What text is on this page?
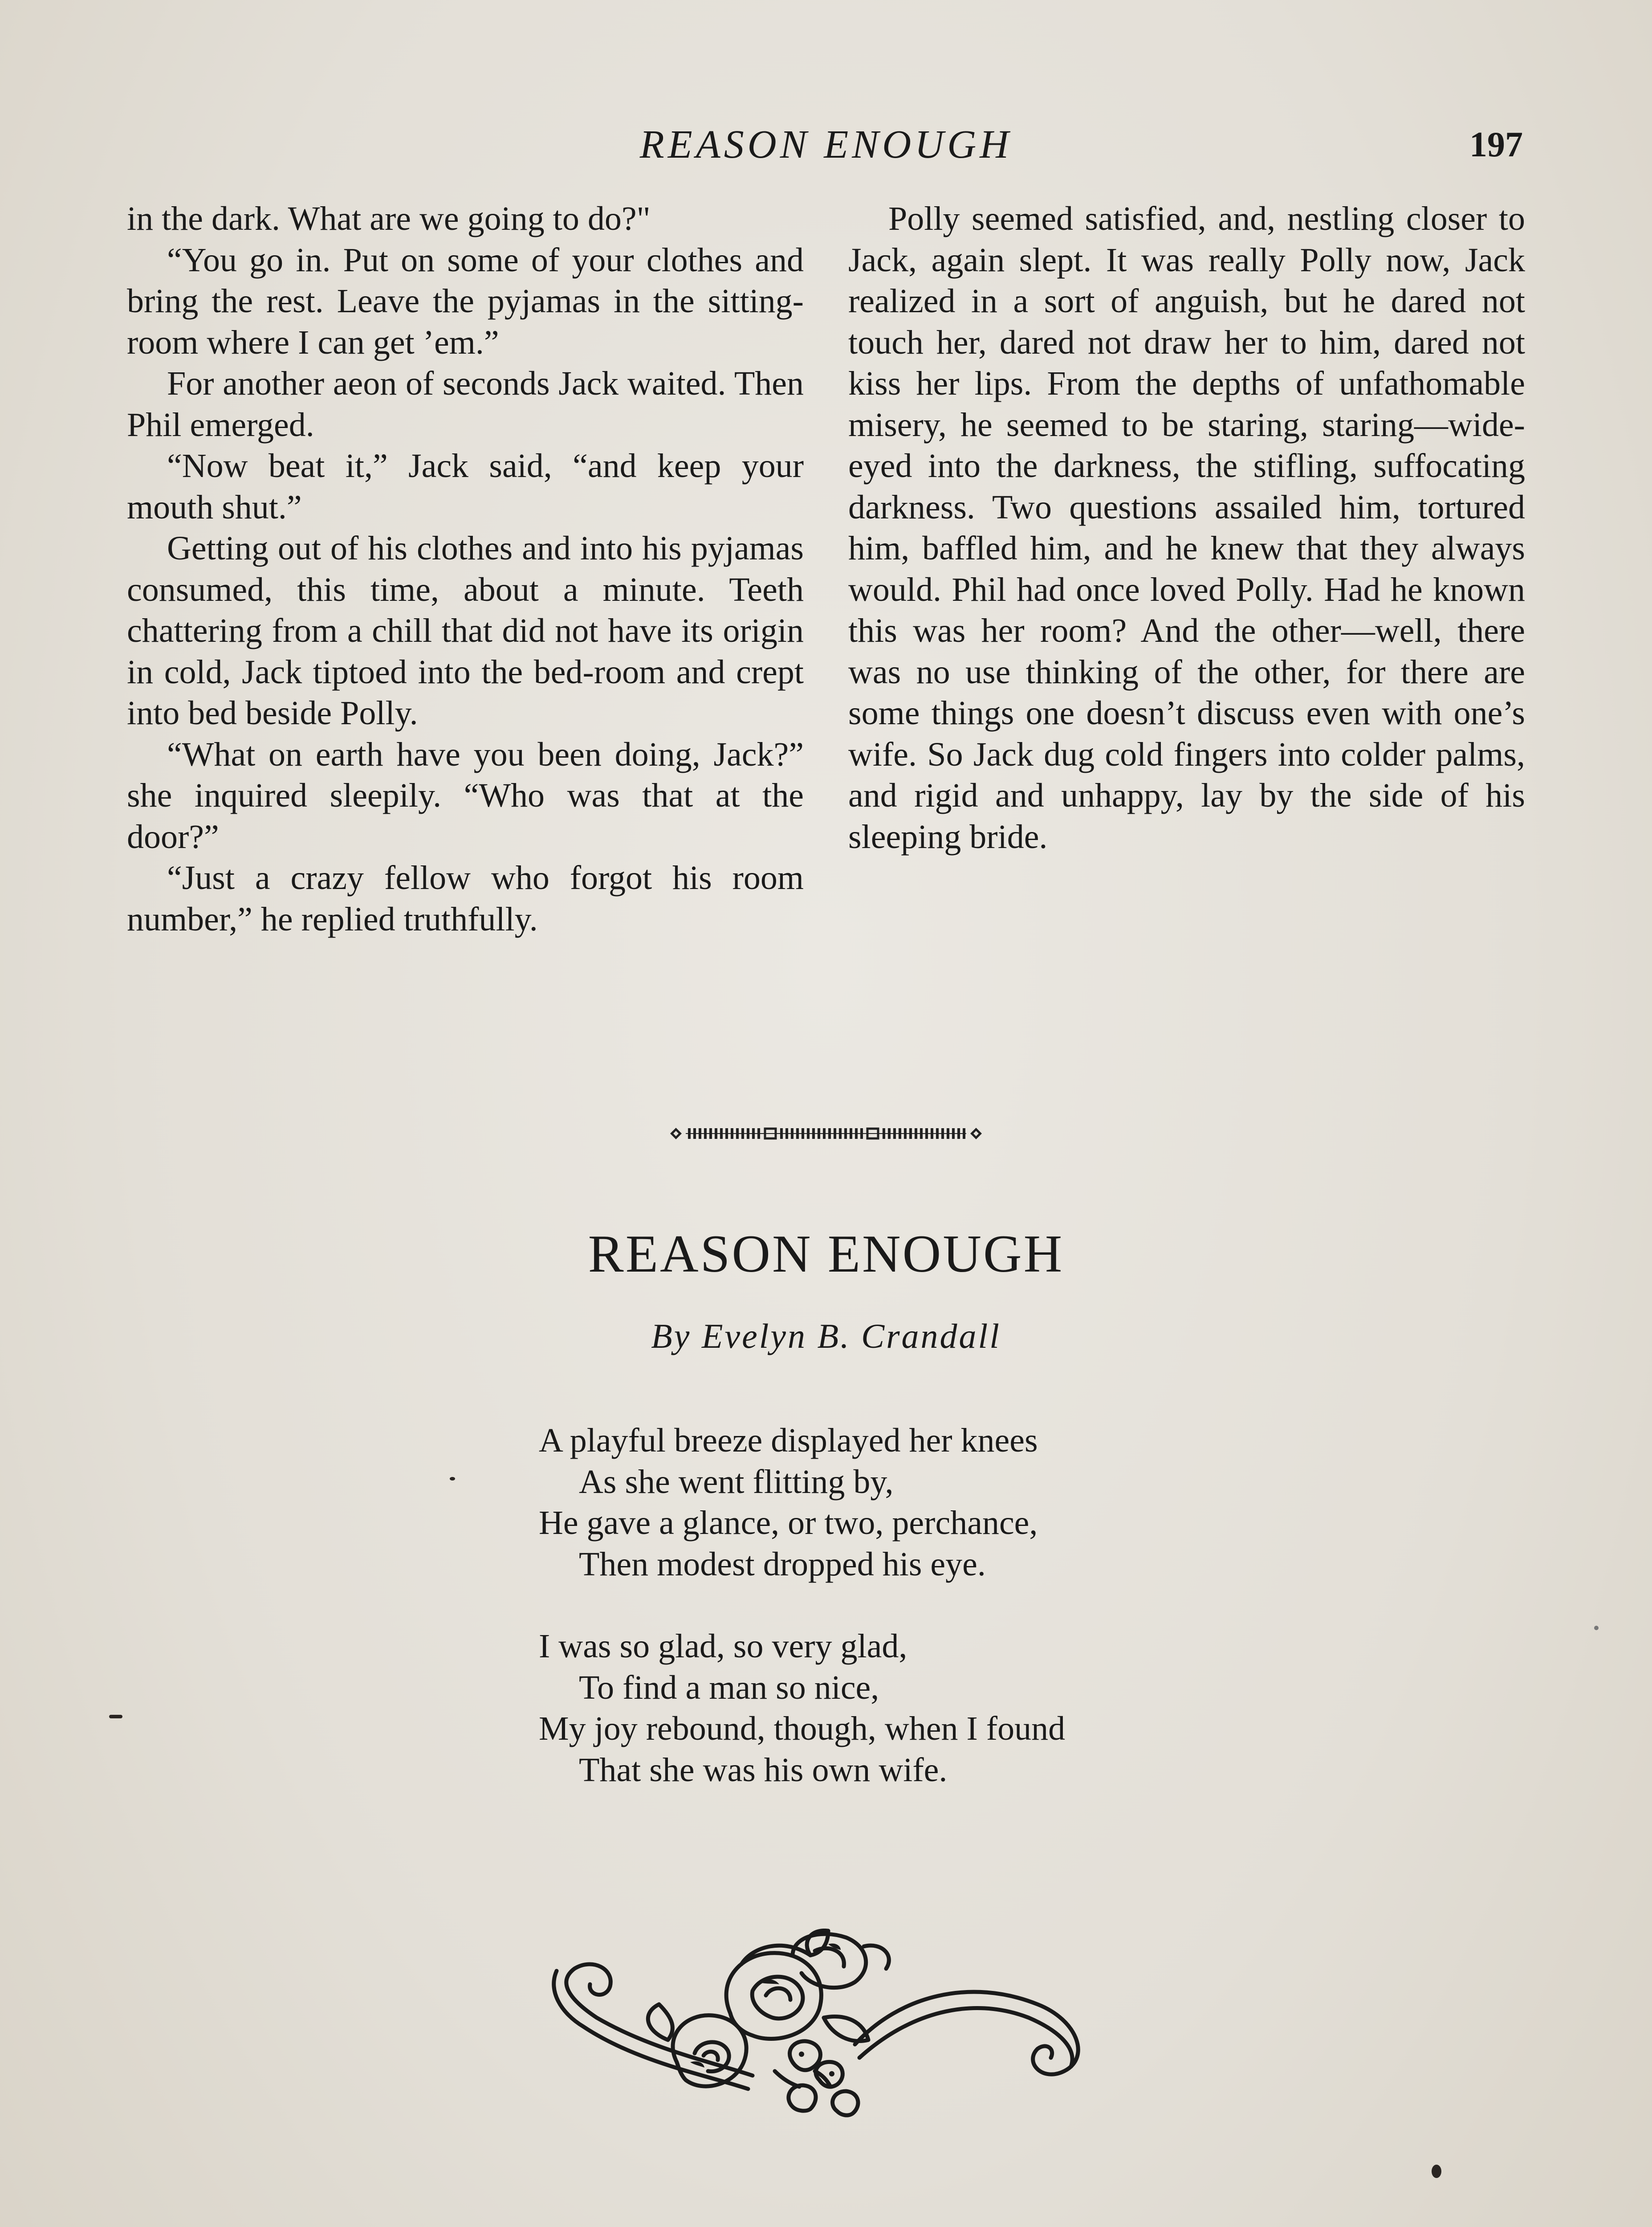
REASON ENOUGH	197

in the dark. What are we going to do?"

“You go in. Put on some of your clothes and bring the rest. Leave the pyjamas in the sitting-room where I can get ’em.”

For another aeon of seconds Jack waited. Then Phil emerged.

“Now beat it,” Jack said, “and keep your mouth shut.”

Getting out of his clothes and into his pyjamas consumed, this time, about a minute. Teeth chattering from a chill that did not have its origin in cold, Jack tiptoed into the bed-room and crept into bed beside Polly.

“What on earth have you been doing, Jack?” she inquired sleepily. “Who was that at the door?”

“Just a crazy fellow who forgot his room number,” he replied truthfully.

Polly seemed satisfied, and, nestling closer to Jack, again slept. It was really Polly now, Jack realized in a sort of anguish, but he dared not touch her, dared not draw her to him, dared not kiss her lips. From the depths of unfathomable misery, he seemed to be staring, staring—wide-eyed into the darkness, the stifling, suffocating darkness. Two questions assailed him, tortured him, baffled him, and he knew that they always would. Phil had once loved Polly. Had he known this was her room? And the other—well, there was no use thinking of the other, for there are some things one doesn’t discuss even with one’s wife. So Jack dug cold fingers into colder palms, and rigid and unhappy, lay by the side of his sleeping bride.

REASON ENOUGH
By Evelyn B. Crandall
A playful breeze displayed her knees
As she went flitting by,
He gave a glance, or two, perchance,
Then modest dropped his eye.
I was so glad, so very glad,
To find a man so nice,
My joy rebound, though, when I found
That she was his own wife.
